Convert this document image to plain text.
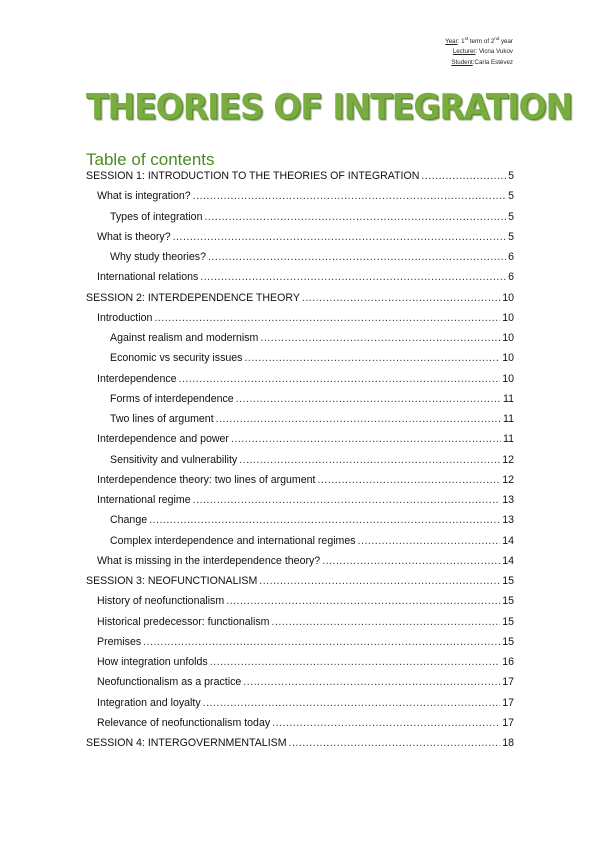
Year: 1st term of 2nd year
Lecturer: Vicna Vukov
Student:Carla Estévez
THEORIES OF INTEGRATION
Table of contents
SESSION 1: INTRODUCTION TO THE THEORIES OF INTEGRATION .....	5
What is integration? .....	5
Types of integration .....	5
What is theory? .....	5
Why study theories? .....	6
International relations .....	6
SESSION 2: INTERDEPENDENCE THEORY .....	10
Introduction .....	10
Against realism and modernism .....	10
Economic vs security issues .....	10
Interdependence .....	10
Forms of interdependence .....	11
Two lines of argument .....	11
Interdependence and power .....	11
Sensitivity and vulnerability .....	12
Interdependence theory: two lines of argument .....	12
International regime .....	13
Change .....	13
Complex interdependence and international regimes .....	14
What is missing in the interdependence theory? .....	14
SESSION 3: NEOFUNCTIONALISM .....	15
History of neofunctionalism .....	15
Historical predecessor: functionalism .....	15
Premises .....	15
How integration unfolds .....	16
Neofunctionalism as a practice .....	17
Integration and loyalty .....	17
Relevance of neofunctionalism today .....	17
SESSION 4: INTERGOVERNMENTALISM .....	18
